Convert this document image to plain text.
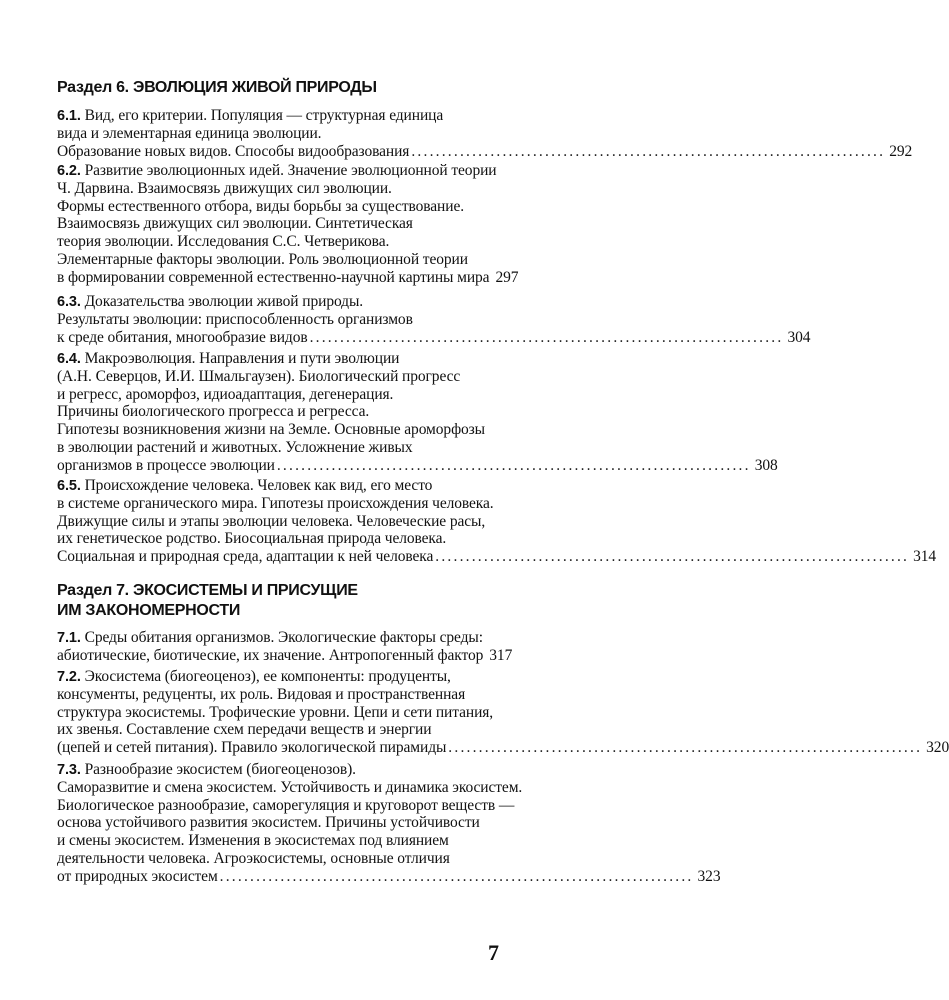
Раздел 6. ЭВОЛЮЦИЯ ЖИВОЙ ПРИРОДЫ
6.1. Вид, его критерии. Популяция — структурная единица
вида и элементарная единица эволюции.
Образование новых видов. Способы видообразования .............................................................................. 292
6.2. Развитие эволюционных идей. Значение эволюционной теории
Ч. Дарвина. Взаимосвязь движущих сил эволюции.
Формы естественного отбора, виды борьбы за существование.
Взаимосвязь движущих сил эволюции. Синтетическая
теория эволюции. Исследования С.С. Четверикова.
Элементарные факторы эволюции. Роль эволюционной теории
в формировании современной естественно-научной картины мира 297
6.3. Доказательства эволюции живой природы.
Результаты эволюции: приспособленность организмов
к среде обитания, многообразие видов .............................................................................. 304
6.4. Макроэволюция. Направления и пути эволюции
(А.Н. Северцов, И.И. Шмальгаузен). Биологический прогресс
и регресс, ароморфоз, идиоадаптация, дегенерация.
Причины биологического прогресса и регресса.
Гипотезы возникновения жизни на Земле. Основные ароморфозы
в эволюции растений и животных. Усложнение живых
организмов в процессе эволюции .............................................................................. 308
6.5. Происхождение человека. Человек как вид, его место
в системе органического мира. Гипотезы происхождения человека.
Движущие силы и этапы эволюции человека. Человеческие расы,
их генетическое родство. Биосоциальная природа человека.
Социальная и природная среда, адаптации к ней человека .............................................................................. 314
Раздел 7. ЭКОСИСТЕМЫ И ПРИСУЩИЕ
ИМ ЗАКОНОМЕРНОСТИ
7.1. Среды обитания организмов. Экологические факторы среды:
абиотические, биотические, их значение. Антропогенный фактор 317
7.2. Экосистема (биогеоценоз), ее компоненты: продуценты,
консументы, редуценты, их роль. Видовая и пространственная
структура экосистемы. Трофические уровни. Цепи и сети питания,
их звенья. Составление схем передачи веществ и энергии
(цепей и сетей питания). Правило экологической пирамиды .............................................................................. 320
7.3. Разнообразие экосистем (биогеоценозов).
Саморазвитие и смена экосистем. Устойчивость и динамика экосистем.
Биологическое разнообразие, саморегуляция и круговорот веществ —
основа устойчивого развития экосистем. Причины устойчивости
и смены экосистем. Изменения в экосистемах под влиянием
деятельности человека. Агроэкосистемы, основные отличия
от природных экосистем .............................................................................. 323
7
